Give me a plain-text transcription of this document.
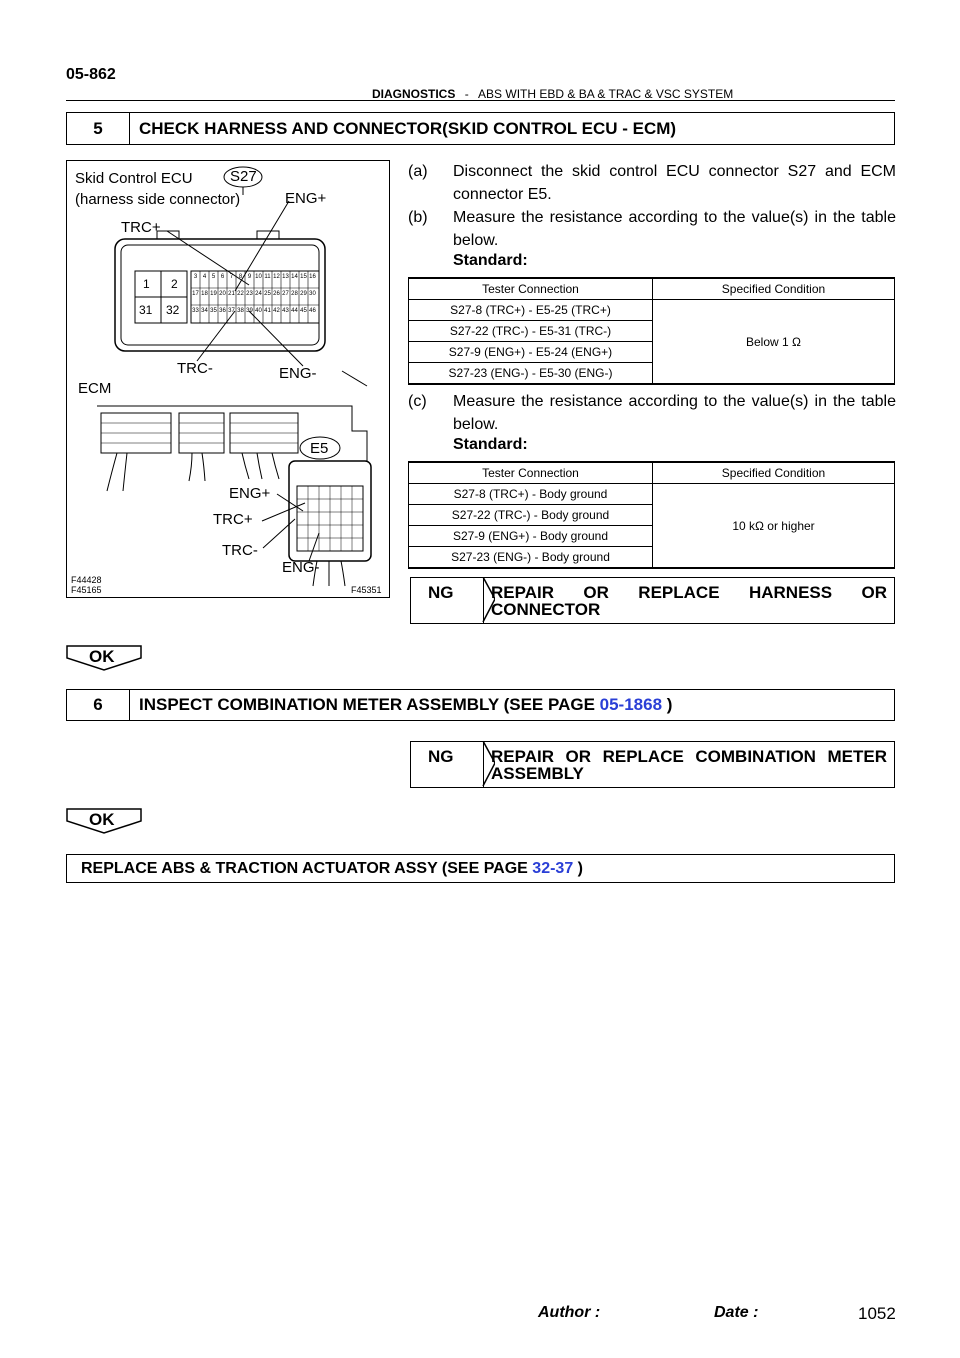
05-862
DIAGNOSTICS - ABS WITH EBD & BA & TRAC & VSC SYSTEM
5	CHECK HARNESS AND CONNECTOR(SKID CONTROL ECU - ECM)
Skid Control ECU
(harness side connector)
S27
ENG+
TRC+
TRC-	ENG-
ECM
E5
ENG+
TRC+
TRC-
ENG-
1 2
31 32
3 4 5 6 7 8 9 10 11 12 13 14 15 16
17 18 19 20 21 22 23 24 25 26 27 28 29 30
33 34 35 36 37 38 39 40 41 42 43 44 45 46
F44428
F45165	F45351
(a) Disconnect the skid control ECU connector S27 and ECM connector E5.
(b) Measure the resistance according to the value(s) in the table below.
Standard:
Tester Connection	Specified Condition
S27-8 (TRC+) - E5-25 (TRC+)	Below 1 Ω
S27-22 (TRC-) - E5-31 (TRC-)	
S27-9 (ENG+) - E5-24 (ENG+)	
S27-23 (ENG-) - E5-30 (ENG-)	
(c) Measure the resistance according to the value(s) in the table below.
Standard:
Tester Connection	Specified Condition
S27-8 (TRC+) - Body ground	10 kΩ or higher
S27-22 (TRC-) - Body ground	
S27-9 (ENG+) - Body ground	
S27-23 (ENG-) - Body ground	
NG REPAIR OR REPLACE HARNESS OR
CONNECTOR
OK
6	INSPECT COMBINATION METER ASSEMBLY (SEE PAGE 05-1868 )
NG REPAIR OR REPLACE COMBINATION METER
ASSEMBLY
OK
REPLACE ABS & TRACTION ACTUATOR ASSY (SEE PAGE 32-37 )
Author :	Date :	1052
